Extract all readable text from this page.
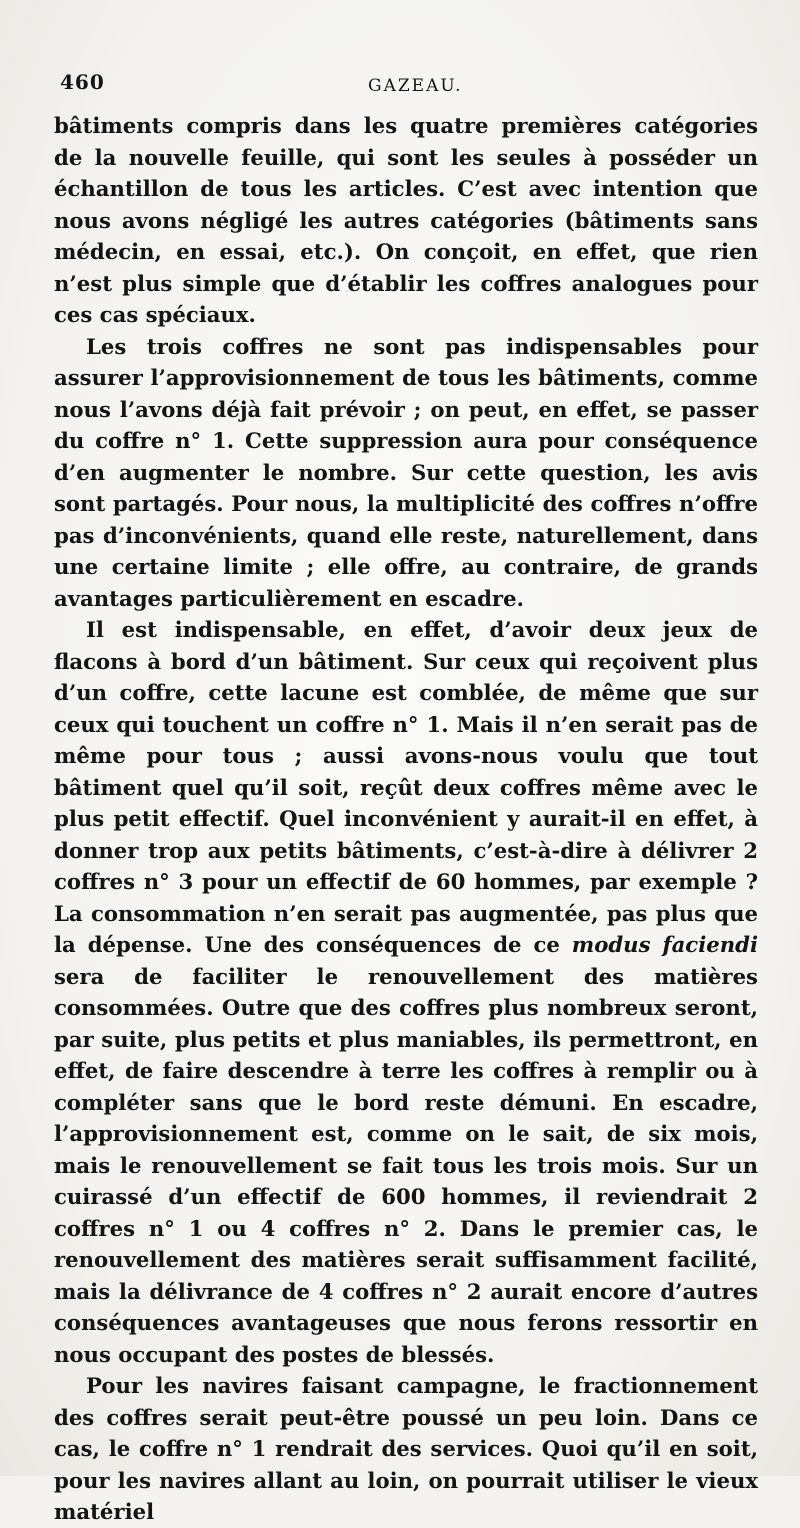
460	GAZEAU.

bâtiments compris dans les quatre premières catégories de la nouvelle feuille, qui sont les seules à posséder un échantillon de tous les articles. C’est avec intention que nous avons négligé les autres catégories (bâtiments sans médecin, en essai, etc.). On conçoit, en effet, que rien n’est plus simple que d’établir les coffres analogues pour ces cas spéciaux.

Les trois coffres ne sont pas indispensables pour assurer l’approvisionnement de tous les bâtiments, comme nous l’avons déjà fait prévoir ; on peut, en effet, se passer du coffre n° 1. Cette suppression aura pour conséquence d’en augmenter le nombre. Sur cette question, les avis sont partagés. Pour nous, la multiplicité des coffres n’offre pas d’inconvénients, quand elle reste, naturellement, dans une certaine limite ; elle offre, au contraire, de grands avantages particulièrement en escadre.

Il est indispensable, en effet, d’avoir deux jeux de flacons à bord d’un bâtiment. Sur ceux qui reçoivent plus d’un coffre, cette lacune est comblée, de même que sur ceux qui touchent un coffre n° 1. Mais il n’en serait pas de même pour tous ; aussi avons-nous voulu que tout bâtiment quel qu’il soit, reçût deux coffres même avec le plus petit effectif. Quel inconvénient y aurait-il en effet, à donner trop aux petits bâtiments, c’est-à-dire à délivrer 2 coffres n° 3 pour un effectif de 60 hommes, par exemple ? La consommation n’en serait pas augmentée, pas plus que la dépense. Une des conséquences de ce modus faciendi sera de faciliter le renouvellement des matières consommées. Outre que des coffres plus nombreux seront, par suite, plus petits et plus maniables, ils permettront, en effet, de faire descendre à terre les coffres à remplir ou à compléter sans que le bord reste démuni. En escadre, l’approvisionnement est, comme on le sait, de six mois, mais le renouvellement se fait tous les trois mois. Sur un cuirassé d’un effectif de 600 hommes, il reviendrait 2 coffres n° 1 ou 4 coffres n° 2. Dans le premier cas, le renouvellement des matières serait suffisamment facilité, mais la délivrance de 4 coffres n° 2 aurait encore d’autres conséquences avantageuses que nous ferons ressortir en nous occupant des postes de blessés.

Pour les navires faisant campagne, le fractionnement des coffres serait peut-être poussé un peu loin. Dans ce cas, le coffre n° 1 rendrait des services. Quoi qu’il en soit, pour les navires allant au loin, on pourrait utiliser le vieux matériel
